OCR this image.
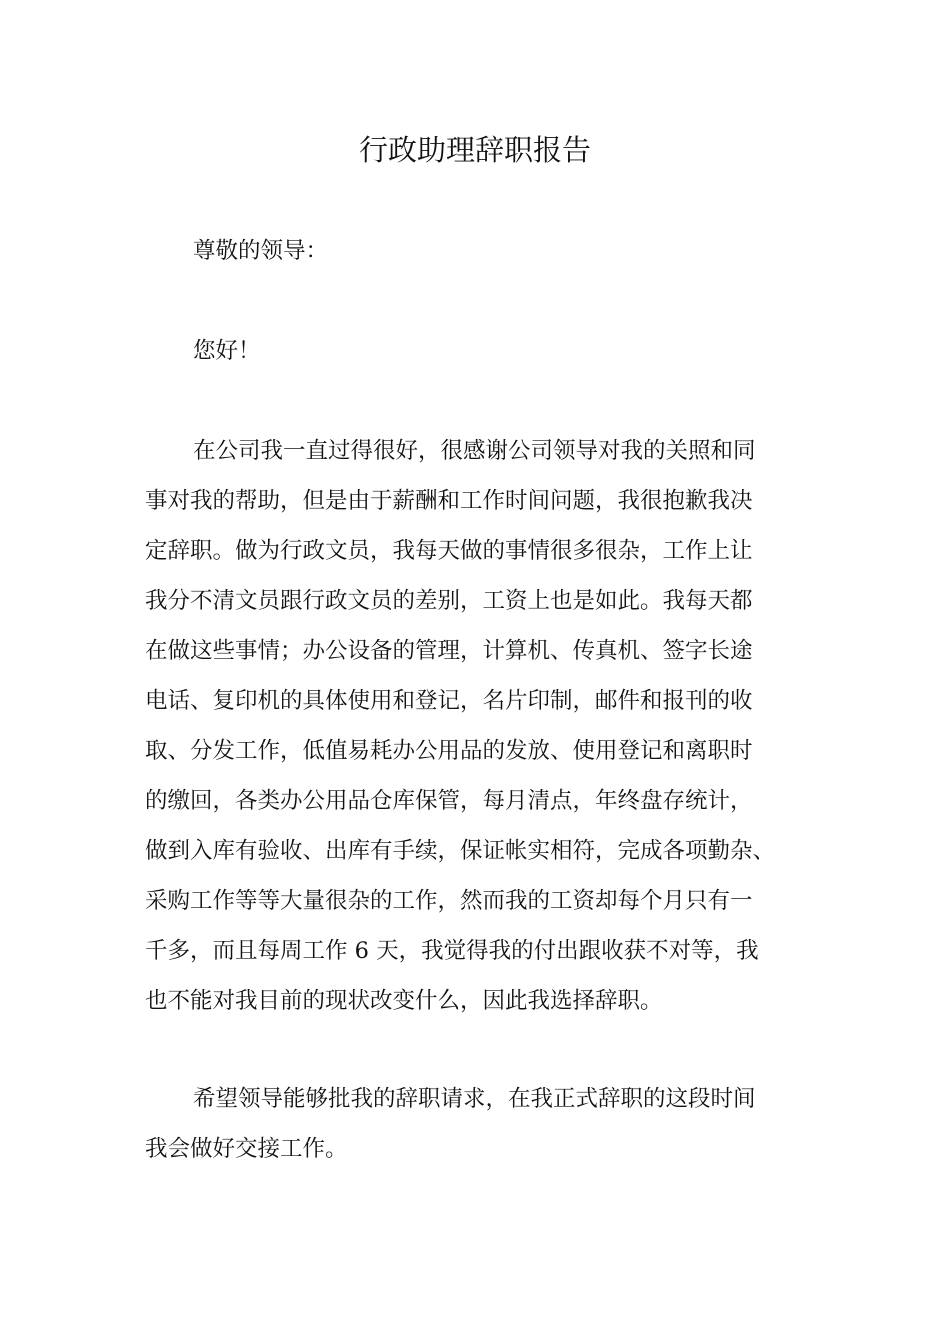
行政助理辞职报告
尊敬的领导：
您好！
在公司我一直过得很好，很感谢公司领导对我的关照和同
事对我的帮助，但是由于薪酬和工作时间问题，我很抱歉我决
定辞职。做为行政文员，我每天做的事情很多很杂，工作上让
我分不清文员跟行政文员的差别，工资上也是如此。我每天都
在做这些事情；办公设备的管理，计算机、传真机、签字长途
电话、复印机的具体使用和登记，名片印制，邮件和报刊的收
取、分发工作，低值易耗办公用品的发放、使用登记和离职时
的缴回，各类办公用品仓库保管，每月清点，年终盘存统计，
做到入库有验收、出库有手续，保证帐实相符，完成各项勤杂、
采购工作等等大量很杂的工作，然而我的工资却每个月只有一
千多，而且每周工作 6 天，我觉得我的付出跟收获不对等，我
也不能对我目前的现状改变什么，因此我选择辞职。
希望领导能够批我的辞职请求，在我正式辞职的这段时间
我会做好交接工作。
